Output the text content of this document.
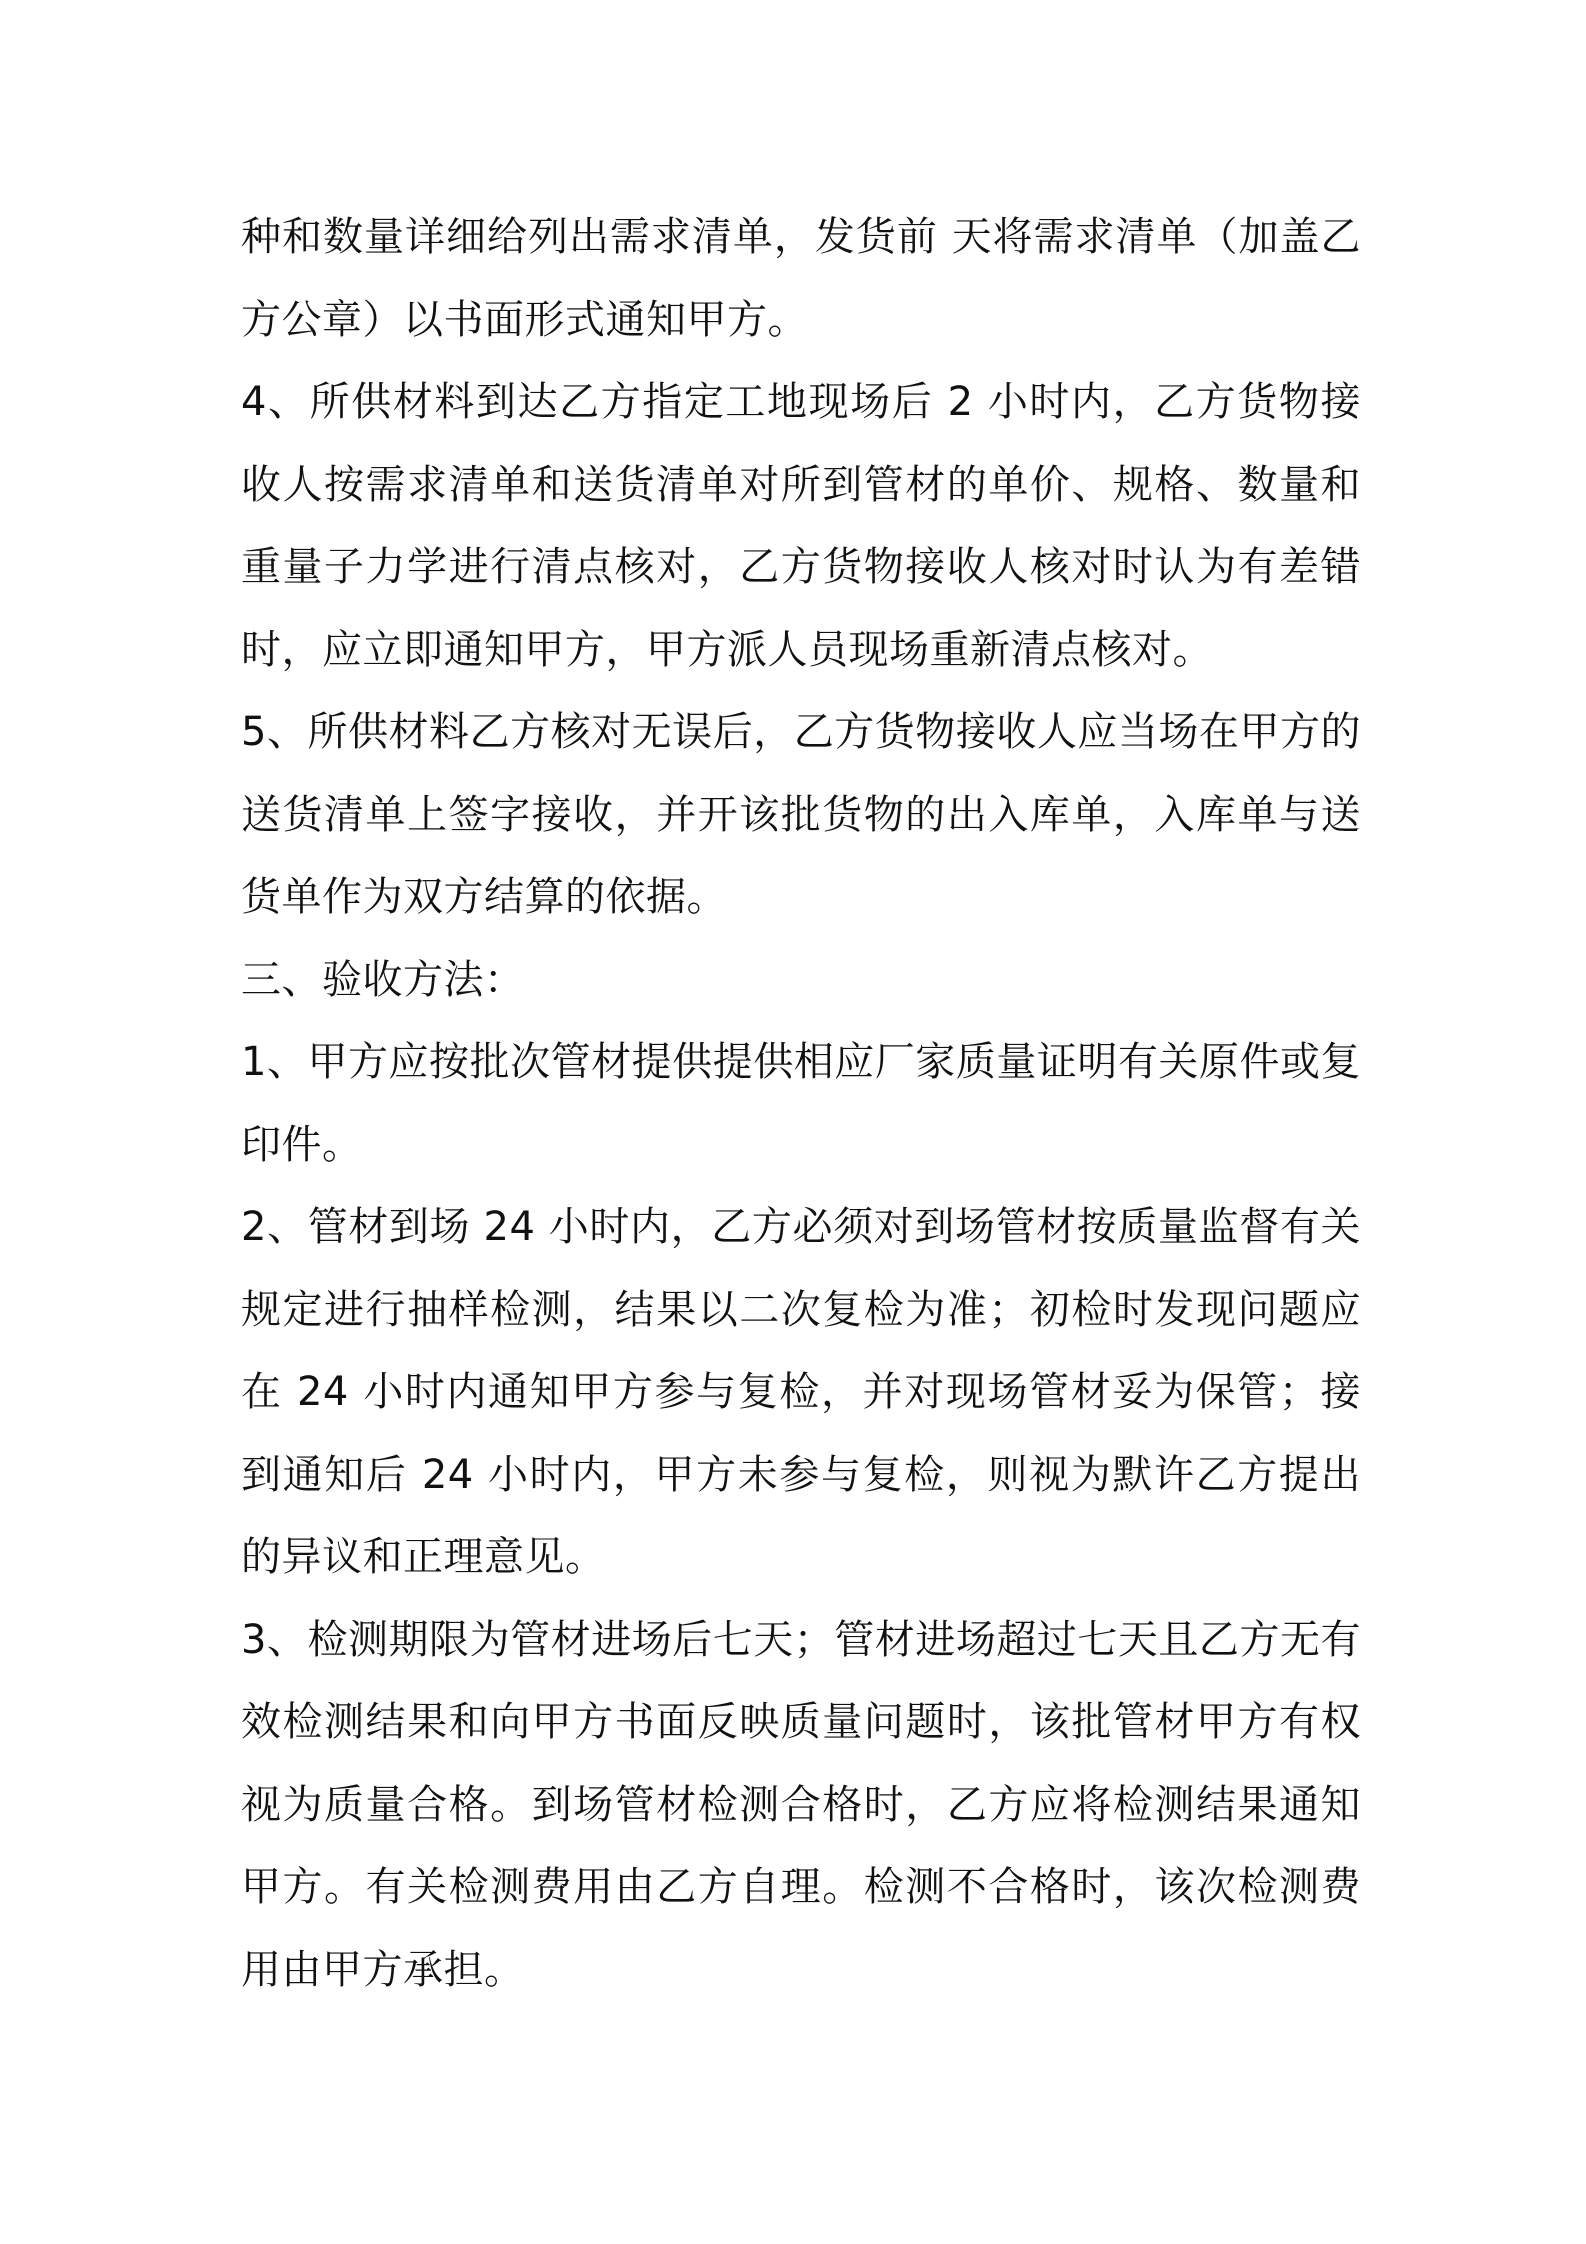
种和数量详细给列出需求清单，发货前 天将需求清单（加盖乙方公章）以书面形式通知甲方。

4、所供材料到达乙方指定工地现场后 2 小时内，乙方货物接收人按需求清单和送货清单对所到管材的单价、规格、数量和重量子力学进行清点核对，乙方货物接收人核对时认为有差错时，应立即通知甲方，甲方派人员现场重新清点核对。

5、所供材料乙方核对无误后，乙方货物接收人应当场在甲方的送货清单上签字接收，并开该批货物的出入库单，入库单与送货单作为双方结算的依据。

三、验收方法：

1、甲方应按批次管材提供提供相应厂家质量证明有关原件或复印件。

2、管材到场 24 小时内，乙方必须对到场管材按质量监督有关规定进行抽样检测，结果以二次复检为准；初检时发现问题应在 24 小时内通知甲方参与复检，并对现场管材妥为保管；接到通知后 24 小时内，甲方未参与复检，则视为默许乙方提出的异议和正理意见。

3、检测期限为管材进场后七天；管材进场超过七天且乙方无有效检测结果和向甲方书面反映质量问题时，该批管材甲方有权视为质量合格。到场管材检测合格时，乙方应将检测结果通知甲方。有关检测费用由乙方自理。检测不合格时，该次检测费用由甲方承担。
